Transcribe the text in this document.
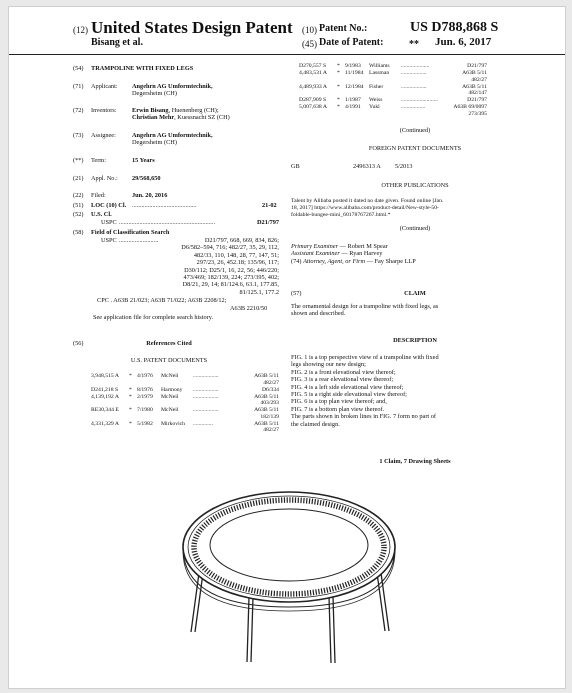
(12) United States Design Patent
Bisang et al.
(10) Patent No.:	US D788,868 S
(45) Date of Patent:	** Jun. 6, 2017
(54) TRAMPOLINE WITH FIXED LEGS
(71) Applicant: Angehrn AG Umformtechnik,
Degersheim (CH)
(72) Inventors: Erwin Bisang, Huenenberg (CH);
Christian Mehr, Kuessnacht SZ (CH)
(73) Assignee:	Angehrn AG Umformtechnik,
Degersheim (CH)
(**) Term:	15 Years
(21) Appl. No.: 29/568,650
(22) Filed:	Jun. 20, 2016
(51) LOC (10) Cl. .........................................	21-02
(52) U.S. Cl.
USPC .............................................................	D21/797
(58) Field of Classification Search
USPC .........................	D21/797, 668, 669, 834, 826;
D6/582–594, 716; 482/27, 35, 29, 112,
482/33, 110, 148, 28, 77, 147, 51;
297/23, 26, 452.18; 135/96, 117;
D30/112; D25/1, 16, 22, 56; 446/220;
473/469; 182/139, 224; 273/395, 402;
D8/21, 29, 14; 81/124.6, 63.1, 177.85,
81/125.1, 177.2
CPC . A63B 21/023; A63B 71/022; A63B 2208/12;
A63B 2210/50
See application file for complete search history.
(56)	References Cited
U.S. PATENT DOCUMENTS
3,948,515 A * 4/1976 McNeil	..................	A63B 5/11
482/27
D241,218 S * 8/1976 Harmony ..................	D6/334
4,139,192 A * 2/1979 McNeil	..................	A63B 5/11
403/293
RE30,344 E * 7/1980 McNeil	..................	A63B 5/11
182/139
4,331,329 A * 5/1982 Mirkovich ..............	A63B 5/11
482/27
D270,557 S * 9/1983 Williams ....................	D21/797
4,483,531 A * 11/1984 Lassman ..................	A63B 5/11
482/27
4,489,933 A * 12/1984 Fisher	..................	A63B 5/11
482/147
D287,909 S * 1/1987 Weiss	..........................	D21/797
5,007,638 A * 4/1991 Yukl	.................	A63B 69/0097
273/395
(Continued)
FOREIGN PATENT DOCUMENTS
GB	2496313 A 5/2013
OTHER PUBLICATIONS
Talent by Alibaba posted it dated no date given. Found online [Jan.
18, 2017] https://www.alibaba.com/product-detail/New-style-50-
foldable-bungee-mini_60178767267.html.*
(Continued)
Primary Examiner — Robert M Spear
Assistant Examiner — Ryan Harvey
(74) Attorney, Agent, or Firm — Fay Sharpe LLP
(57)	CLAIM
The ornamental design for a trampoline with fixed legs, as
shown and described.
DESCRIPTION
FIG. 1 is a top perspective view of a trampoline with fixed
legs showing our new design;
FIG. 2 is a front elevational view thereof;
FIG. 3 is a rear elevational view thereof;
FIG. 4 is a left side elevational view thereof;
FIG. 5 is a right side elevational view thereof;
FIG. 6 is a top plan view thereof; and,
FIG. 7 is a bottom plan view thereof.
The parts shown in broken lines in FIG. 7 form no part of
the claimed design.
1 Claim, 7 Drawing Sheets
